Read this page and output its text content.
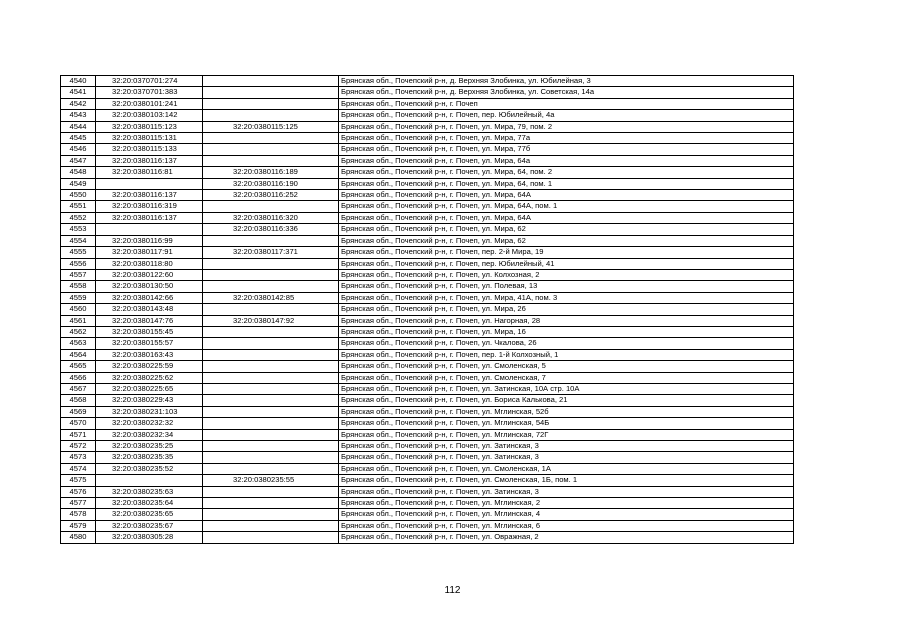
4540	32:20:0370701:274		Брянская обл., Почепский р-н, д. Верхняя Злобинка, ул. Юбилейная, 3
4541	32:20:0370701:383		Брянская обл., Почепский р-н, д. Верхняя Злобинка, ул. Советская, 14а
4542	32:20:0380101:241		Брянская обл., Почепский р-н, г. Почеп
4543	32:20:0380103:142		Брянская обл., Почепский р-н, г. Почеп, пер. Юбилейный, 4а
4544	32:20:0380115:123	32:20:0380115:125	Брянская обл., Почепский р-н, г. Почеп, ул. Мира, 79, пом. 2
4545	32:20:0380115:131		Брянская обл., Почепский р-н, г. Почеп, ул. Мира, 77а
4546	32:20:0380115:133		Брянская обл., Почепский р-н, г. Почеп, ул. Мира, 77б
4547	32:20:0380116:137		Брянская обл., Почепский р-н, г. Почеп, ул. Мира, 64а
4548	32:20:0380116:81	32:20:0380116:189	Брянская обл., Почепский р-н, г. Почеп, ул. Мира, 64, пом. 2
4549		32:20:0380116:190	Брянская обл., Почепский р-н, г. Почеп, ул. Мира, 64, пом. 1
4550	32:20:0380116:137	32:20:0380116:252	Брянская обл., Почепский р-н, г. Почеп, ул. Мира, 64А
4551	32:20:0380116:319		Брянская обл., Почепский р-н, г. Почеп, ул. Мира, 64А, пом. 1
4552	32:20:0380116:137	32:20:0380116:320	Брянская обл., Почепский р-н, г. Почеп, ул. Мира, 64А
4553		32:20:0380116:336	Брянская обл., Почепский р-н, г. Почеп, ул. Мира, 62
4554	32:20:0380116:99		Брянская обл., Почепский р-н, г. Почеп, ул. Мира, 62
4555	32:20:0380117:91	32:20:0380117:371	Брянская обл., Почепский р-н, г. Почеп, пер. 2-й Мира, 19
4556	32:20:0380118:80		Брянская обл., Почепский р-н, г. Почеп, пер. Юбилейный, 41
4557	32:20:0380122:60		Брянская обл., Почепский р-н, г. Почеп, ул. Колхозная, 2
4558	32:20:0380130:50		Брянская обл., Почепский р-н, г. Почеп, ул. Полевая, 13
4559	32:20:0380142:66	32:20:0380142:85	Брянская обл., Почепский р-н, г. Почеп, ул. Мира, 41А, пом. 3
4560	32:20:0380143:48		Брянская обл., Почепский р-н, г. Почеп, ул. Мира, 26
4561	32:20:0380147:76	32:20:0380147:92	Брянская обл., Почепский р-н, г. Почеп, ул. Нагорная, 28
4562	32:20:0380155:45		Брянская обл., Почепский р-н, г. Почеп, ул. Мира, 16
4563	32:20:0380155:57		Брянская обл., Почепский р-н, г. Почеп, ул. Чкалова, 26
4564	32:20:0380163:43		Брянская обл., Почепский р-н, г. Почеп, пер. 1-й Колхозный, 1
4565	32:20:0380225:59		Брянская обл., Почепский р-н, г. Почеп, ул. Смоленская, 5
4566	32:20:0380225:62		Брянская обл., Почепский р-н, г. Почеп, ул. Смоленская, 7
4567	32:20:0380225:65		Брянская обл., Почепский р-н, г. Почеп, ул. Затинская, 10А стр. 10А
4568	32:20:0380229:43		Брянская обл., Почепский р-н, г. Почеп, ул. Бориса Калькова, 21
4569	32:20:0380231:103		Брянская обл., Почепский р-н, г. Почеп, ул. Мглинская, 52б
4570	32:20:0380232:32		Брянская обл., Почепский р-н, г. Почеп, ул. Мглинская, 54Б
4571	32:20:0380232:34		Брянская обл., Почепский р-н, г. Почеп, ул. Мглинская, 72Г
4572	32:20:0380235:25		Брянская обл., Почепский р-н, г. Почеп, ул. Затинская, 3
4573	32:20:0380235:35		Брянская обл., Почепский р-н, г. Почеп, ул. Затинская, 3
4574	32:20:0380235:52		Брянская обл., Почепский р-н, г. Почеп, ул. Смоленская, 1А
4575		32:20:0380235:55	Брянская обл., Почепский р-н, г. Почеп, ул. Смоленская, 1Б, пом. 1
4576	32:20:0380235:63		Брянская обл., Почепский р-н, г. Почеп, ул. Затинская, 3
4577	32:20:0380235:64		Брянская обл., Почепский р-н, г. Почеп, ул. Мглинская, 2
4578	32:20:0380235:65		Брянская обл., Почепский р-н, г. Почеп, ул. Мглинская, 4
4579	32:20:0380235:67		Брянская обл., Почепский р-н, г. Почеп, ул. Мглинская, 6
4580	32:20:0380305:28		Брянская обл., Почепский р-н, г. Почеп, ул. Овражная, 2
112
